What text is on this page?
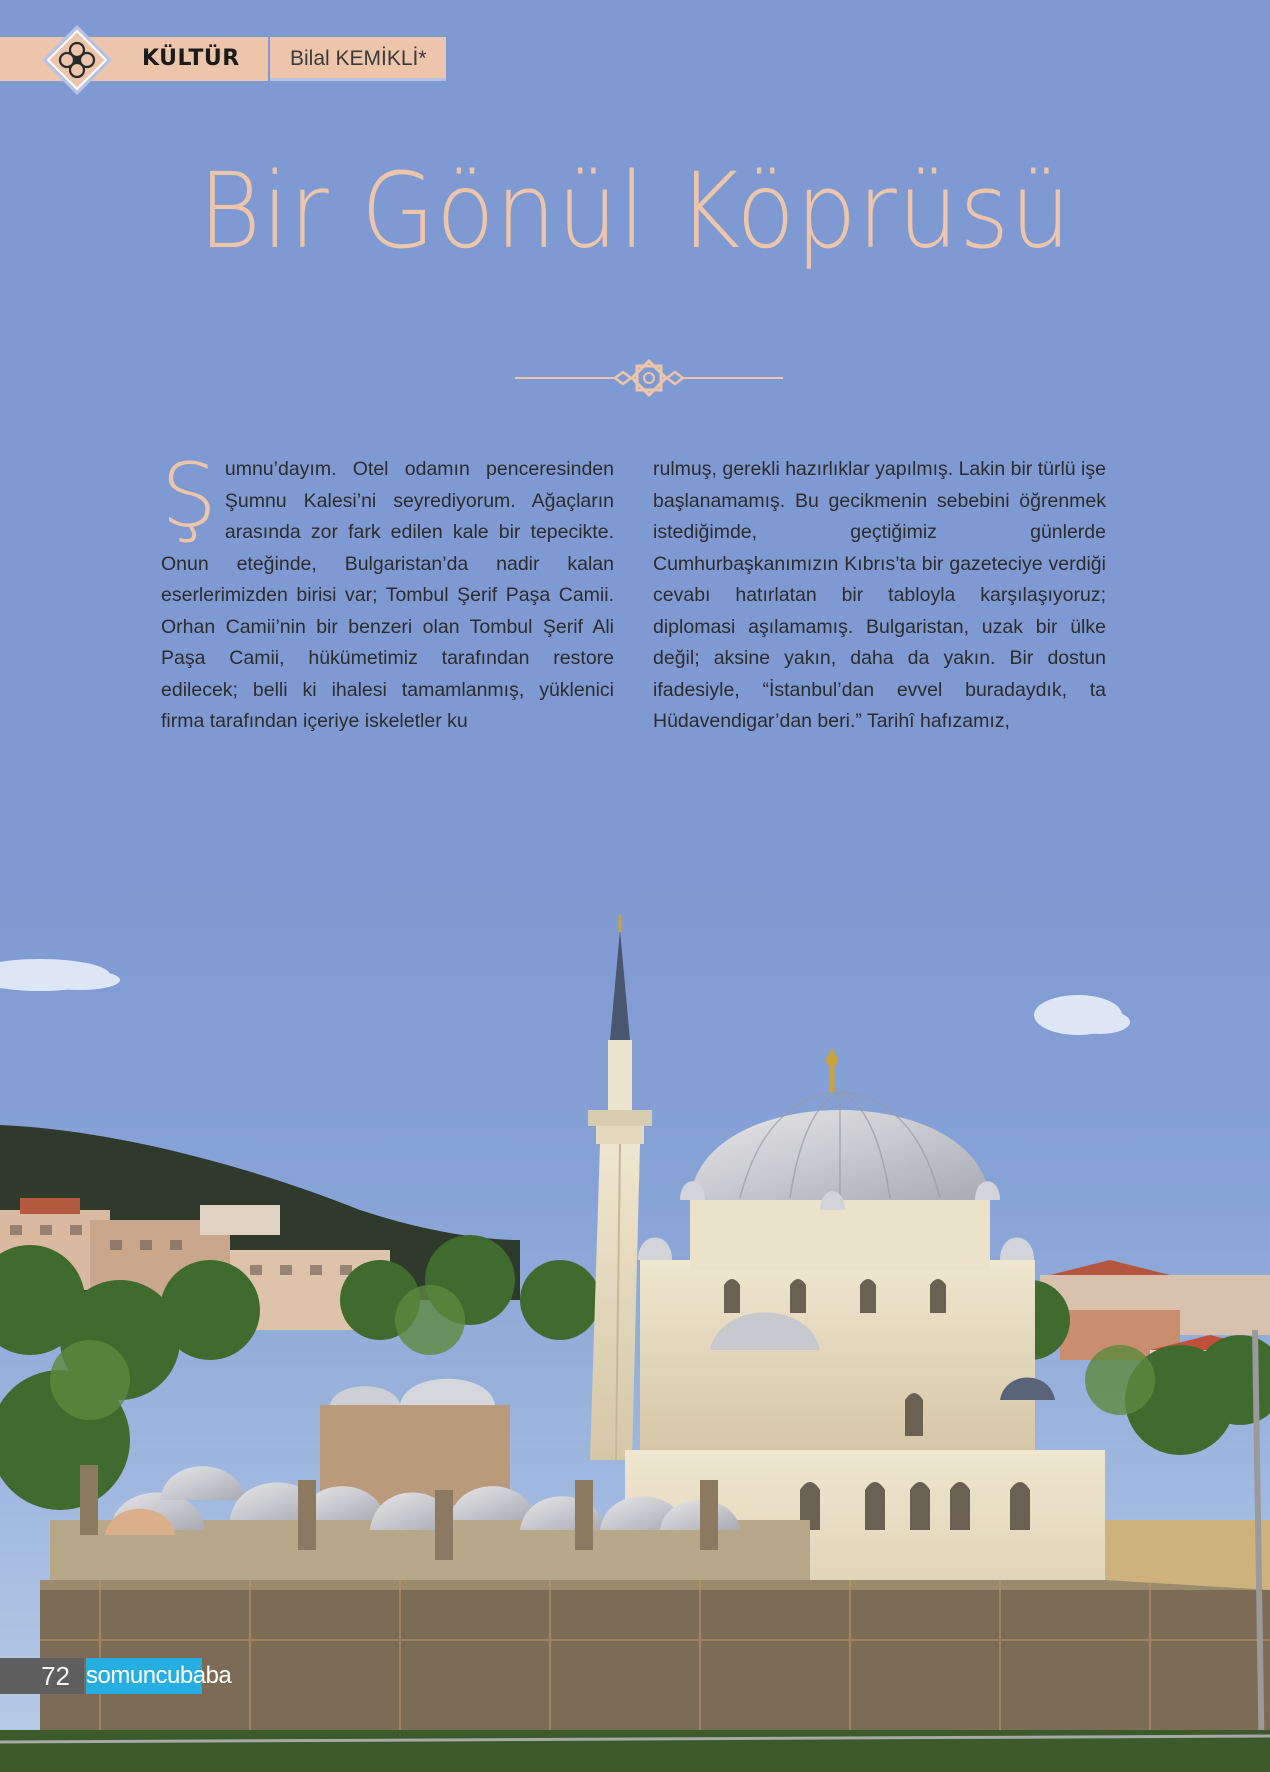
KÜLTÜR Bilal KEMİKLİ*
Bir Gönül Köprüsü
Ş umnu’dayım. Otel odamın penceresinden Şumnu Kalesi’ni seyrediyorum. Ağaçların arasında zor fark edilen kale bir tepecikte. Onun eteğinde, Bulgaristan’da nadir kalan eserlerimizden birisi var; Tombul Şerif Paşa Camii. Orhan Camii’nin bir benzeri olan Tombul Şerif Ali Paşa Camii, hükümetimiz tarafından restore edilecek; belli ki ihalesi tamamlanmış, yüklenici firma tarafından içeriye iskeletler ku

rulmuş, gerekli hazırlıklar yapılmış. Lakin bir türlü işe başlanamamış. Bu gecikmenin sebebini öğrenmek istediğimde, geçtiğimiz günlerde Cumhurbaşkanımızın Kıbrıs’ta bir gazeteciye verdiği cevabı hatırlatan bir tabloyla karşılaşıyoruz; diplomasi aşılamamış. Bulgaristan, uzak bir ülke değil; aksine yakın, daha da yakın. Bir dostun ifadesiyle, “İstanbul’dan evvel buradaydık, ta Hüdavendigar’dan beri.” Tarihî hafızamız,

72 somuncubaba
